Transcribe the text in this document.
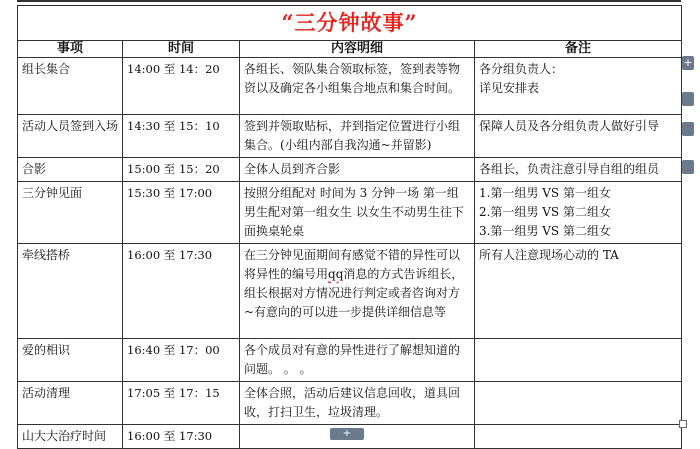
“三分钟故事”			
事项	时间	内容明细	备注
组长集合	14:00 至 14：20	各组长、领队集合领取标签，签到表等物资以及确定各小组集合地点和集合时间。	各分组负责人：
详见安排表
活动人员签到入场	14:30 至 15：10	签到并领取贴标，并到指定位置进行小组集合。(小组内部自我沟通~并留影)	保障人员及各分组负责人做好引导
合影	15:00 至 15：20	全体人员到齐合影	各组长，负责注意引导自组的组员
三分钟见面	15:30 至 17:00	按照分组配对 时间为 3 分钟一场 第一组男生配对第一组女生 以女生不动男生往下面换桌轮桌	1.第一组男 VS 第一组女
2.第一组男 VS 第二组女
3.第一组男 VS 第二组女

牵线搭桥	16:00 至 17:30	在三分钟见面期间有感觉不错的异性可以将异性的编号用qq消息的方式告诉组长，组长根据对方情况进行判定或者咨询对方~有意向的可以进一步提供详细信息等	所有人注意现场心动的 TA
爱的相识	16:40 至 17：00	各个成员对有意的异性进行了解想知道的问题。 。 。	
活动清理	17:05 至 17：15	全体合照，活动后建议信息回收，道具回收，打扫卫生，垃圾清理。	
山大大治疗时间	16:00 至 17:30		
+
+
